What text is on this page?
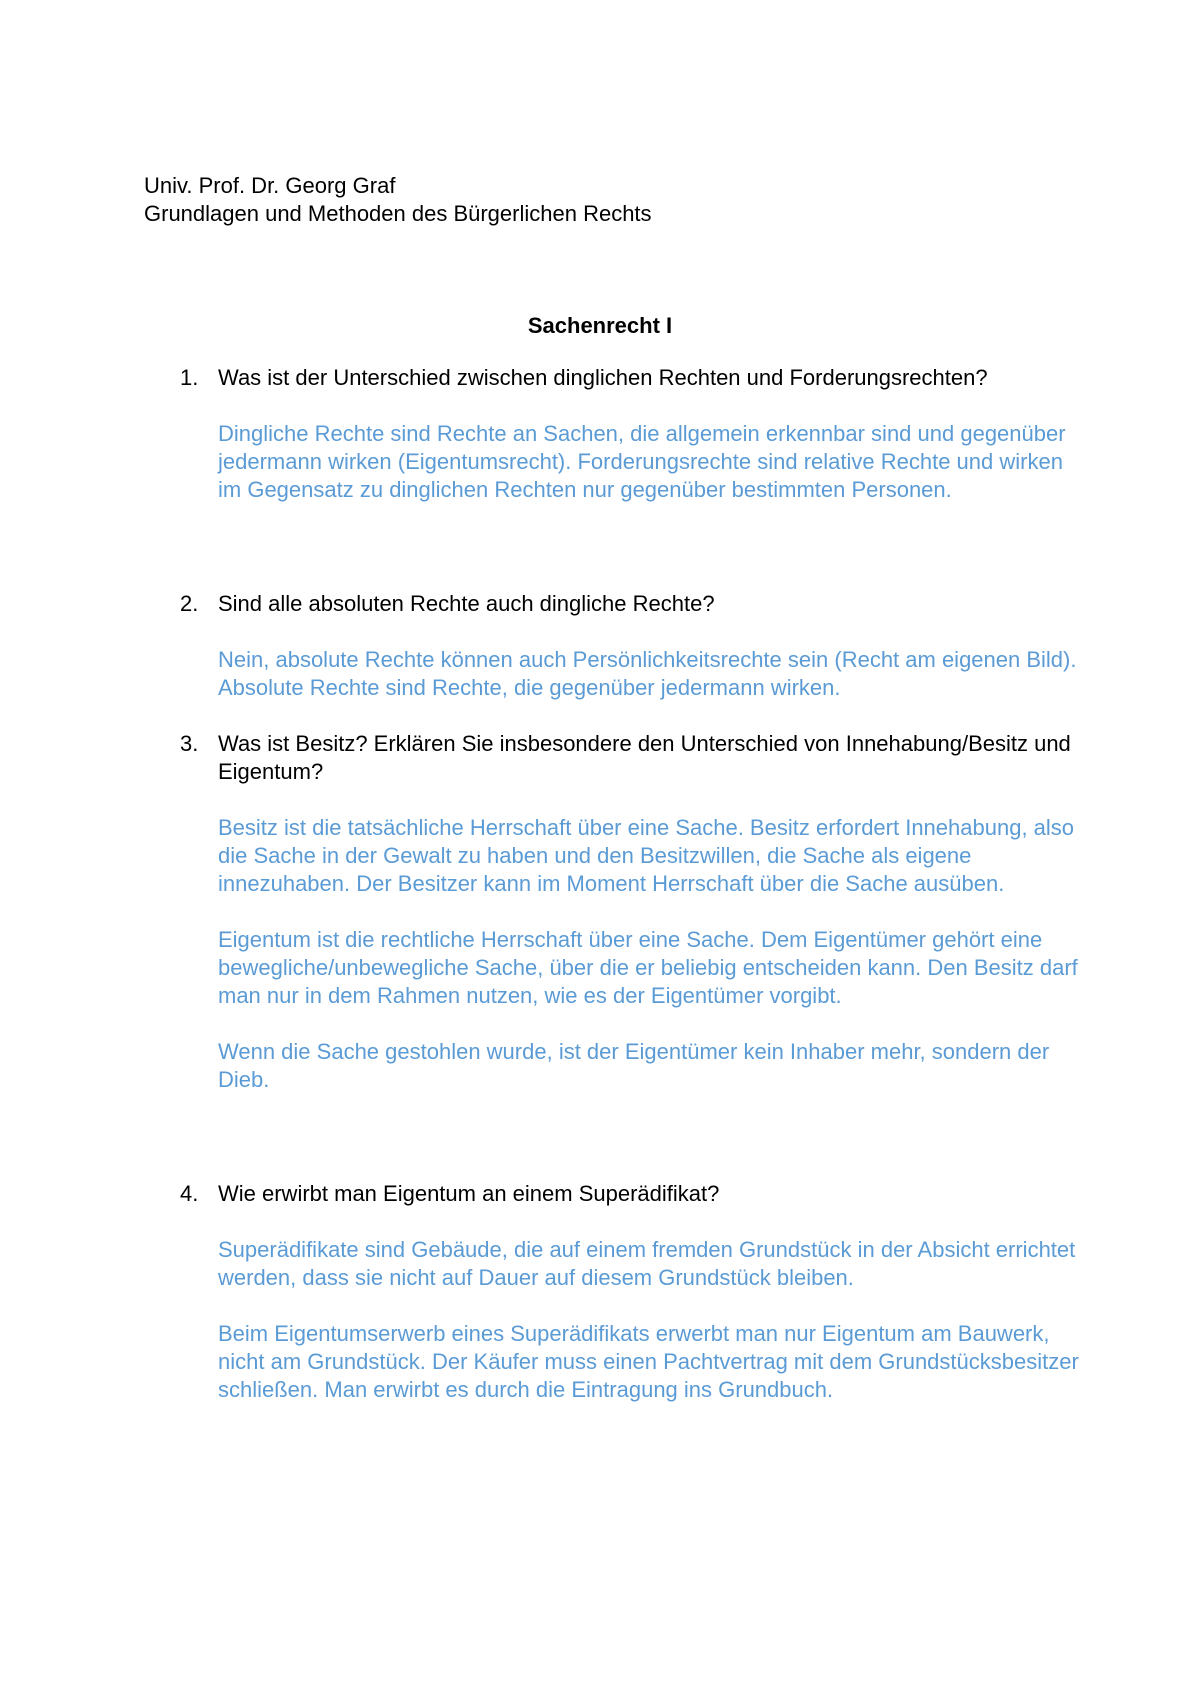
Univ. Prof. Dr. Georg Graf
Grundlagen und Methoden des Bürgerlichen Rechts
Sachenrecht I
1. Was ist der Unterschied zwischen dinglichen Rechten und Forderungsrechten?
Dingliche Rechte sind Rechte an Sachen, die allgemein erkennbar sind und gegenüber jedermann wirken (Eigentumsrecht). Forderungsrechte sind relative Rechte und wirken im Gegensatz zu dinglichen Rechten nur gegenüber bestimmten Personen.
2. Sind alle absoluten Rechte auch dingliche Rechte?
Nein, absolute Rechte können auch Persönlichkeitsrechte sein (Recht am eigenen Bild). Absolute Rechte sind Rechte, die gegenüber jedermann wirken.
3. Was ist Besitz? Erklären Sie insbesondere den Unterschied von Innehabung/Besitz und Eigentum?
Besitz ist die tatsächliche Herrschaft über eine Sache. Besitz erfordert Innehabung, also die Sache in der Gewalt zu haben und den Besitzwillen, die Sache als eigene innezuhaben. Der Besitzer kann im Moment Herrschaft über die Sache ausüben.
Eigentum ist die rechtliche Herrschaft über eine Sache. Dem Eigentümer gehört eine bewegliche/unbewegliche Sache, über die er beliebig entscheiden kann. Den Besitz darf man nur in dem Rahmen nutzen, wie es der Eigentümer vorgibt.
Wenn die Sache gestohlen wurde, ist der Eigentümer kein Inhaber mehr, sondern der Dieb.
4. Wie erwirbt man Eigentum an einem Superädifikat?
Superädifikate sind Gebäude, die auf einem fremden Grundstück in der Absicht errichtet werden, dass sie nicht auf Dauer auf diesem Grundstück bleiben.
Beim Eigentumserwerb eines Superädifikats erwerbt man nur Eigentum am Bauwerk, nicht am Grundstück. Der Käufer muss einen Pachtvertrag mit dem Grundstücksbesitzer schließen. Man erwirbt es durch die Eintragung ins Grundbuch.
